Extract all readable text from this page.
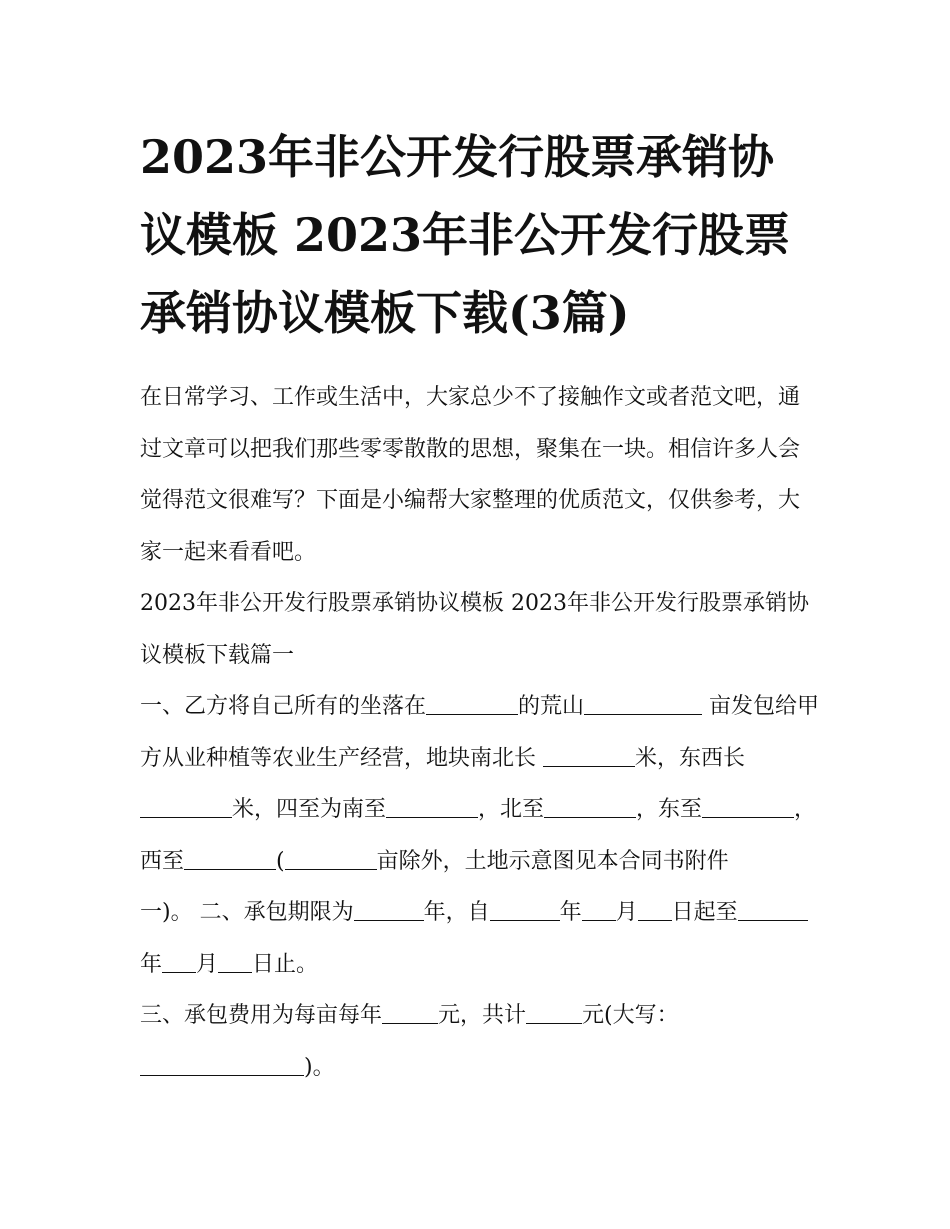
2023年非公开发行股票承销协议模板 2023年非公开发行股票承销协议模板下载(3篇)

在日常学习、工作或生活中，大家总少不了接触作文或者范文吧，通过文章可以把我们那些零零散散的思想，聚集在一块。相信许多人会觉得范文很难写？下面是小编帮大家整理的优质范文，仅供参考，大家一起来看看吧。

2023年非公开发行股票承销协议模板 2023年非公开发行股票承销协议模板下载篇一

一、乙方将自己所有的坐落在	的荒山	亩发包给甲方从业种植等农业生产经营，地块南北长	米，东西长米，四至为南至	，北至	，东至	，西至	(	亩除外，土地示意图见本合同书附件

一)。 二、承包期限为	年，自	年 月 日起至年 月 日止。

三、承包费用为每亩每年	元，共计	元(大写：)。
